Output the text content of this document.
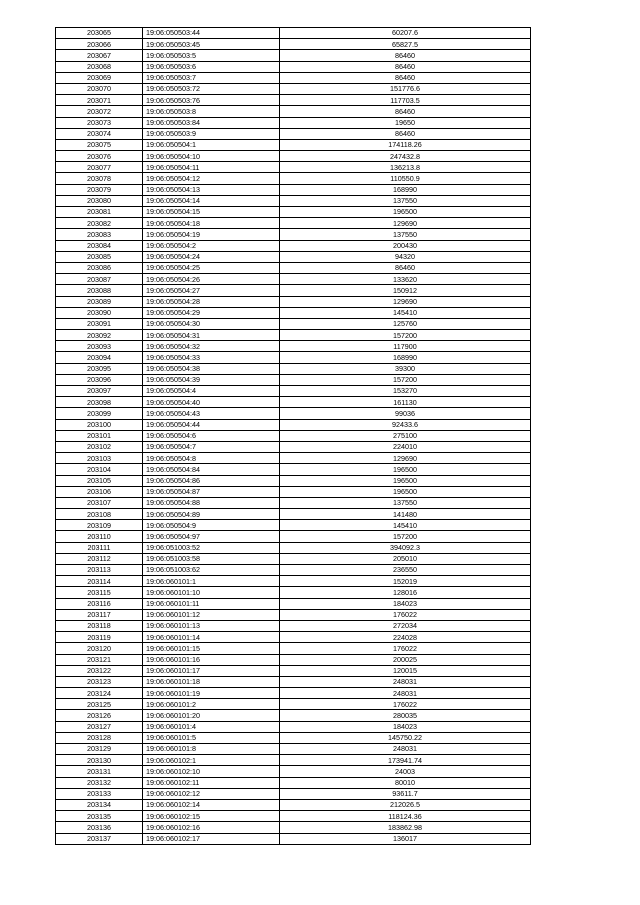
203065	19:06:050503:44	60207.6
203066	19:06:050503:45	65827.5
203067	19:06:050503:5	86460
203068	19:06:050503:6	86460
203069	19:06:050503:7	86460
203070	19:06:050503:72	151776.6
203071	19:06:050503:76	117703.5
203072	19:06:050503:8	86460
203073	19:06:050503:84	19650
203074	19:06:050503:9	86460
203075	19:06:050504:1	174118.26
203076	19:06:050504:10	247432.8
203077	19:06:050504:11	136213.8
203078	19:06:050504:12	110550.9
203079	19:06:050504:13	168990
203080	19:06:050504:14	137550
203081	19:06:050504:15	196500
203082	19:06:050504:18	129690
203083	19:06:050504:19	137550
203084	19:06:050504:2	200430
203085	19:06:050504:24	94320
203086	19:06:050504:25	86460
203087	19:06:050504:26	133620
203088	19:06:050504:27	150912
203089	19:06:050504:28	129690
203090	19:06:050504:29	145410
203091	19:06:050504:30	125760
203092	19:06:050504:31	157200
203093	19:06:050504:32	117900
203094	19:06:050504:33	168990
203095	19:06:050504:38	39300
203096	19:06:050504:39	157200
203097	19:06:050504:4	153270
203098	19:06:050504:40	161130
203099	19:06:050504:43	99036
203100	19:06:050504:44	92433.6
203101	19:06:050504:6	275100
203102	19:06:050504:7	224010
203103	19:06:050504:8	129690
203104	19:06:050504:84	196500
203105	19:06:050504:86	196500
203106	19:06:050504:87	196500
203107	19:06:050504:88	137550
203108	19:06:050504:89	141480
203109	19:06:050504:9	145410
203110	19:06:050504:97	157200
203111	19:06:051003:52	394092.3
203112	19:06:051003:58	205010
203113	19:06:051003:62	236550
203114	19:06:060101:1	152019
203115	19:06:060101:10	128016
203116	19:06:060101:11	184023
203117	19:06:060101:12	176022
203118	19:06:060101:13	272034
203119	19:06:060101:14	224028
203120	19:06:060101:15	176022
203121	19:06:060101:16	200025
203122	19:06:060101:17	120015
203123	19:06:060101:18	248031
203124	19:06:060101:19	248031
203125	19:06:060101:2	176022
203126	19:06:060101:20	280035
203127	19:06:060101:4	184023
203128	19:06:060101:5	145750.22
203129	19:06:060101:8	248031
203130	19:06:060102:1	173941.74
203131	19:06:060102:10	24003
203132	19:06:060102:11	80010
203133	19:06:060102:12	93611.7
203134	19:06:060102:14	212026.5
203135	19:06:060102:15	118124.36
203136	19:06:060102:16	183862.98
203137	19:06:060102:17	136017
